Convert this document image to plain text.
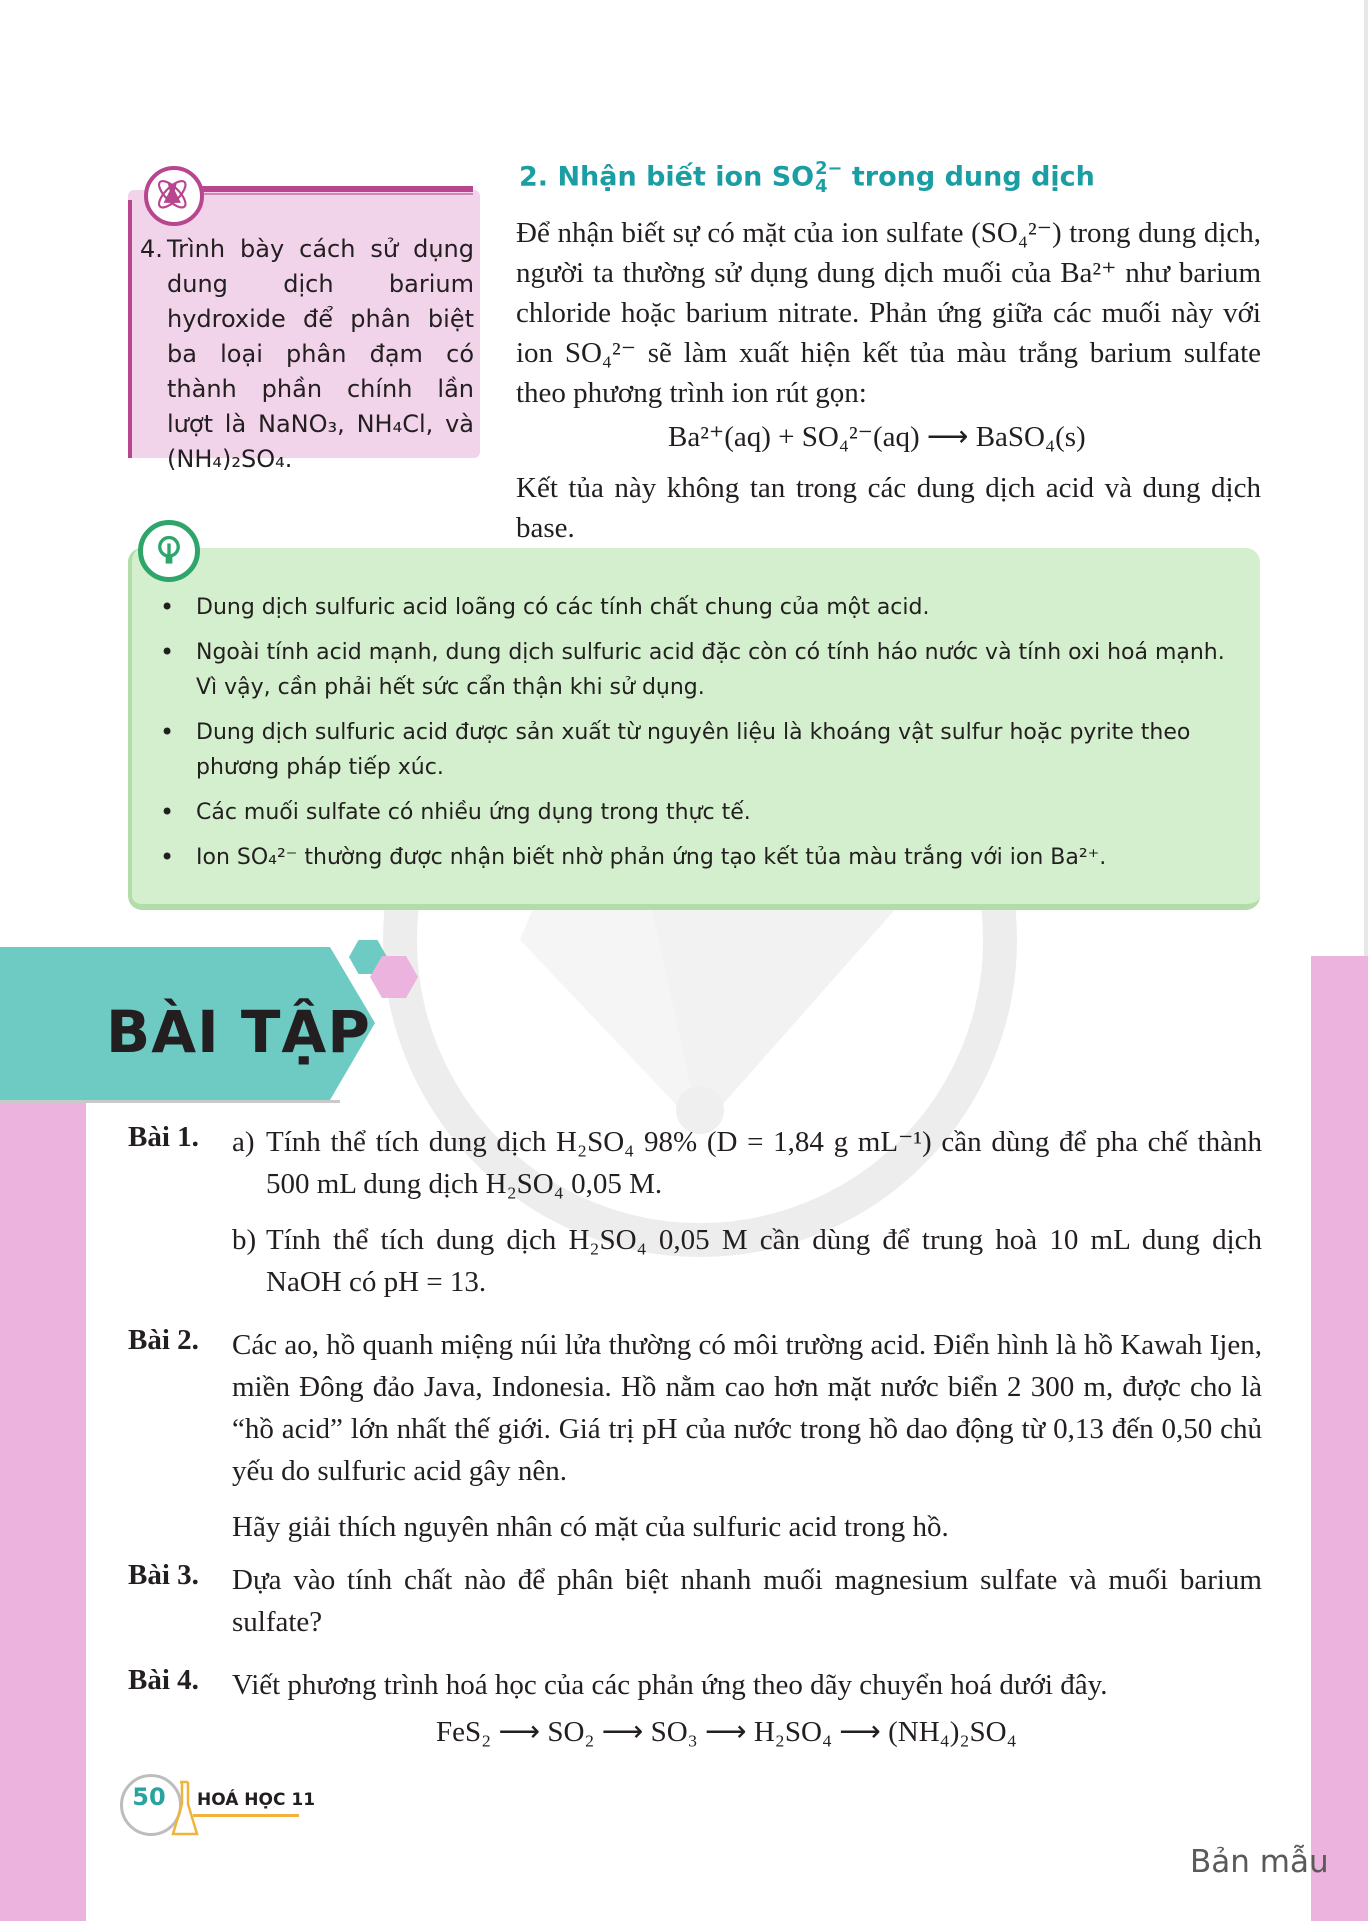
4. Trình bày cách sử dụng dung dịch barium hydroxide để phân biệt ba loại phân đạm có thành phần chính lần lượt là NaNO₃, NH₄Cl, và (NH₄)₂SO₄.
2. Nhận biết ion SO 2−
4 trong dung dịch
Để nhận biết sự có mặt của ion sulfate (SO₄²⁻) trong dung dịch, người ta thường sử dụng dung dịch muối của Ba²⁺ như barium chloride hoặc barium nitrate. Phản ứng giữa các muối này với ion SO₄²⁻ sẽ làm xuất hiện kết tủa màu trắng barium sulfate theo phương trình ion rút gọn:
Ba²⁺(aq) + SO₄²⁻(aq) ⟶ BaSO₄(s)
Kết tủa này không tan trong các dung dịch acid và dung dịch base.
• Dung dịch sulfuric acid loãng có các tính chất chung của một acid.
• Ngoài tính acid mạnh, dung dịch sulfuric acid đặc còn có tính háo nước và tính oxi hoá mạnh. Vì vậy, cần phải hết sức cẩn thận khi sử dụng.
• Dung dịch sulfuric acid được sản xuất từ nguyên liệu là khoáng vật sulfur hoặc pyrite theo phương pháp tiếp xúc.
• Các muối sulfate có nhiều ứng dụng trong thực tế.
• Ion SO₄²⁻ thường được nhận biết nhờ phản ứng tạo kết tủa màu trắng với ion Ba²⁺.
BÀI TẬP
Bài 1. a) Tính thể tích dung dịch H₂SO₄ 98% (D = 1,84 g mL⁻¹) cần dùng để pha chế thành 500 mL dung dịch H₂SO₄ 0,05 M.
b) Tính thể tích dung dịch H₂SO₄ 0,05 M cần dùng để trung hoà 10 mL dung dịch NaOH có pH = 13.
Bài 2. Các ao, hồ quanh miệng núi lửa thường có môi trường acid. Điển hình là hồ Kawah Ijen, miền Đông đảo Java, Indonesia. Hồ nằm cao hơn mặt nước biển 2 300 m, được cho là “hồ acid” lớn nhất thế giới. Giá trị pH của nước trong hồ dao động từ 0,13 đến 0,50 chủ yếu do sulfuric acid gây nên.
Hãy giải thích nguyên nhân có mặt của sulfuric acid trong hồ.
Bài 3. Dựa vào tính chất nào để phân biệt nhanh muối magnesium sulfate và muối barium sulfate?
Bài 4. Viết phương trình hoá học của các phản ứng theo dãy chuyển hoá dưới đây.
FeS₂ ⟶ SO₂ ⟶ SO₃ ⟶ H₂SO₄ ⟶ (NH₄)₂SO₄
50	HOÁ HỌC 11
Bản mẫu
